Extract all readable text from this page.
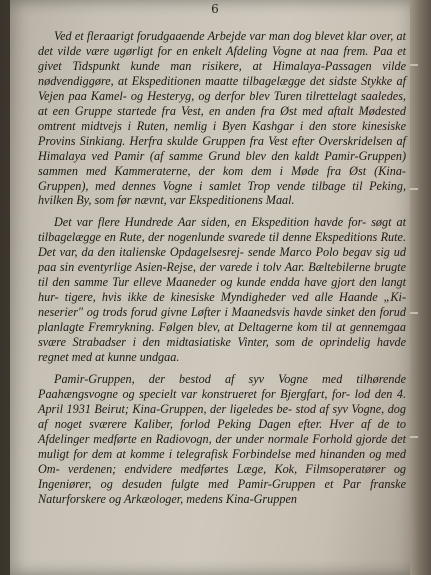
6

Ved et fleraarigt forudgaaende Arbejde var man dog blevet klar over, at det vilde være ugørligt for en enkelt Afdeling Vogne at naa frem. Paa et givet Tidspunkt kunde man risikere, at Himalaya-Passagen vilde nødvendiggøre, at Ekspeditionen maatte tilbagelægge det sidste Stykke af Vejen paa Kamel- og Hesteryg, og derfor blev Turen tilrettelagt saaledes, at een Gruppe startede fra Vest, en anden fra Øst med aftalt Mødested omtrent midtvejs i Ruten, nemlig i Byen Kashgar i den store kinesiske Provins Sinkiang. Herfra skulde Gruppen fra Vest efter Overskridelsen af Himalaya ved Pamir (af samme Grund blev den kaldt Pamir-Gruppen) sammen med Kammeraterne, der kom dem i Møde fra Øst (Kina-Gruppen), med dennes Vogne i samlet Trop vende tilbage til Peking, hvilken By, som før nævnt, var Ekspeditionens Maal.

Det var flere Hundrede Aar siden, en Ekspedition havde for- søgt at tilbagelægge en Rute, der nogenlunde svarede til denne Ekspeditions Rute. Det var, da den italienske Opdagelsesrej- sende Marco Polo begav sig ud paa sin eventyrlige Asien-Rejse, der varede i tolv Aar. Bæltebilerne brugte til den samme Tur elleve Maaneder og kunde endda have gjort den langt hur- tigere, hvis ikke de kinesiske Myndigheder ved alle Haande „Ki- neserier" og trods forud givne Løfter i Maanedsvis havde sinket den forud planlagte Fremrykning. Følgen blev, at Deltagerne kom til at gennemgaa svære Strabadser i den midtasiatiske Vinter, som de oprindelig havde regnet med at kunne undgaa.

Pamir-Gruppen, der bestod af syv Vogne med tilhørende Paahængsvogne og specielt var konstrueret for Bjergfart, for- lod den 4. April 1931 Beirut; Kina-Gruppen, der ligeledes be- stod af syv Vogne, dog af noget sværere Kaliber, forlod Peking Dagen efter. Hver af de to Afdelinger medførte en Radiovogn, der under normale Forhold gjorde det muligt for dem at komme i telegrafisk Forbindelse med hinanden og med Om- verdenen; endvidere medførtes Læge, Kok, Filmsoperatører og Ingeniører, og desuden fulgte med Pamir-Gruppen et Par franske Naturforskere og Arkæologer, medens Kina-Gruppen
